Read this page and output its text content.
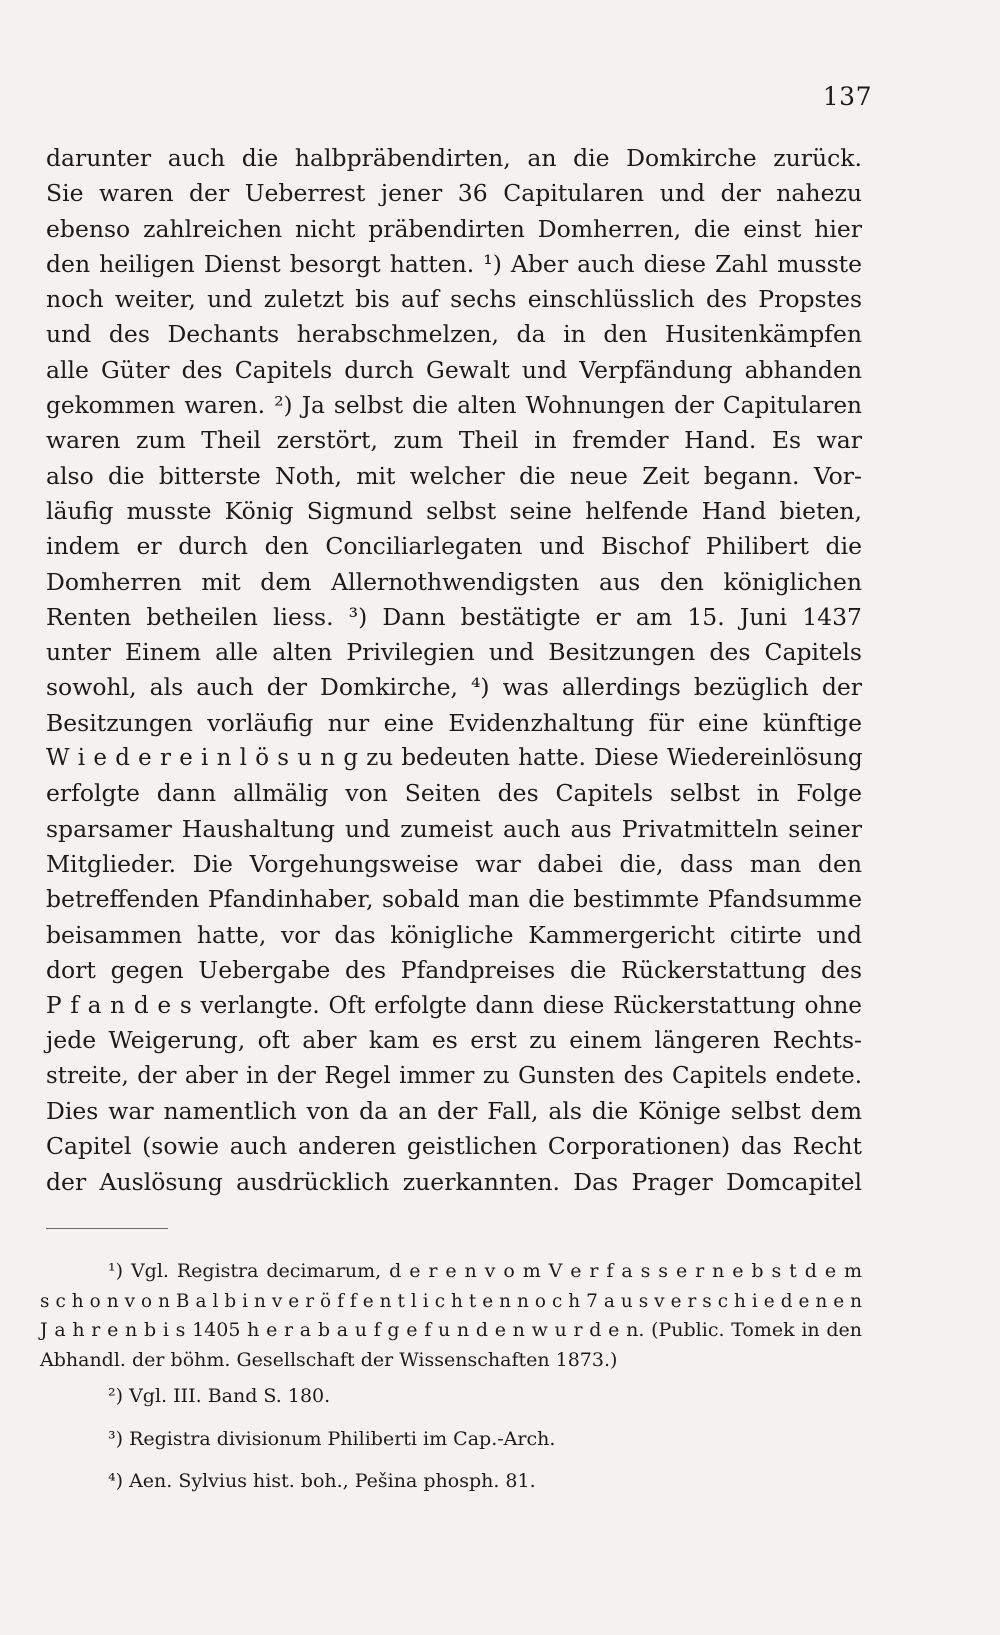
137
darunter auch die halbpräbendirten, an die Domkirche zurück.
Sie waren der Ueberrest jener 36 Capitularen und der nahezu
ebenso zahlreichen nicht präbendirten Domherren, die einst hier
den heiligen Dienst besorgt hatten. ¹) Aber auch diese Zahl musste
noch weiter, und zuletzt bis auf sechs einschlüsslich des Propstes
und des Dechants herabschmelzen, da in den Husitenkämpfen
alle Güter des Capitels durch Gewalt und Verpfändung abhanden
gekommen waren. ²) Ja selbst die alten Wohnungen der Capitularen
waren zum Theil zerstört, zum Theil in fremder Hand. Es war
also die bitterste Noth, mit welcher die neue Zeit begann. Vor-
läufig musste König Sigmund selbst seine helfende Hand bieten,
indem er durch den Conciliarlegaten und Bischof Philibert die
Domherren mit dem Allernothwendigsten aus den königlichen
Renten betheilen liess. ³) Dann bestätigte er am 15. Juni 1437
unter Einem alle alten Privilegien und Besitzungen des Capitels
sowohl, als auch der Domkirche, ⁴) was allerdings bezüglich der
Besitzungen vorläufig nur eine Evidenzhaltung für eine künftige
W i e d e r e i n l ö s u n g zu bedeuten hatte. Diese Wiedereinlösung
erfolgte dann allmälig von Seiten des Capitels selbst in Folge
sparsamer Haushaltung und zumeist auch aus Privatmitteln seiner
Mitglieder. Die Vorgehungsweise war dabei die, dass man den
betreffenden Pfandinhaber, sobald man die bestimmte Pfandsumme
beisammen hatte, vor das königliche Kammergericht citirte und
dort gegen Uebergabe des Pfandpreises die Rückerstattung des
P f a n d e s verlangte. Oft erfolgte dann diese Rückerstattung ohne
jede Weigerung, oft aber kam es erst zu einem längeren Rechts-
streite, der aber in der Regel immer zu Gunsten des Capitels endete.
Dies war namentlich von da an der Fall, als die Könige selbst dem
Capitel (sowie auch anderen geistlichen Corporationen) das Recht
der Auslösung ausdrücklich zuerkannten. Das Prager Domcapitel
¹) Vgl. Registra decimarum, d e r e n v o m V e r f a s s e r n e b s t d e m
s c h o n v o n B a l b i n v e r ö f f e n t l i c h t e n n o c h 7 a u s v e r s c h i e d e n e n
J a h r e n b i s 1405 h e r a b a u f g e f u n d e n w u r d e n. (Public. Tomek in den
Abhandl. der böhm. Gesellschaft der Wissenschaften 1873.)
²) Vgl. III. Band S. 180.
³) Registra divisionum Philiberti im Cap.-Arch.
⁴) Aen. Sylvius hist. boh., Pešina phosph. 81.
